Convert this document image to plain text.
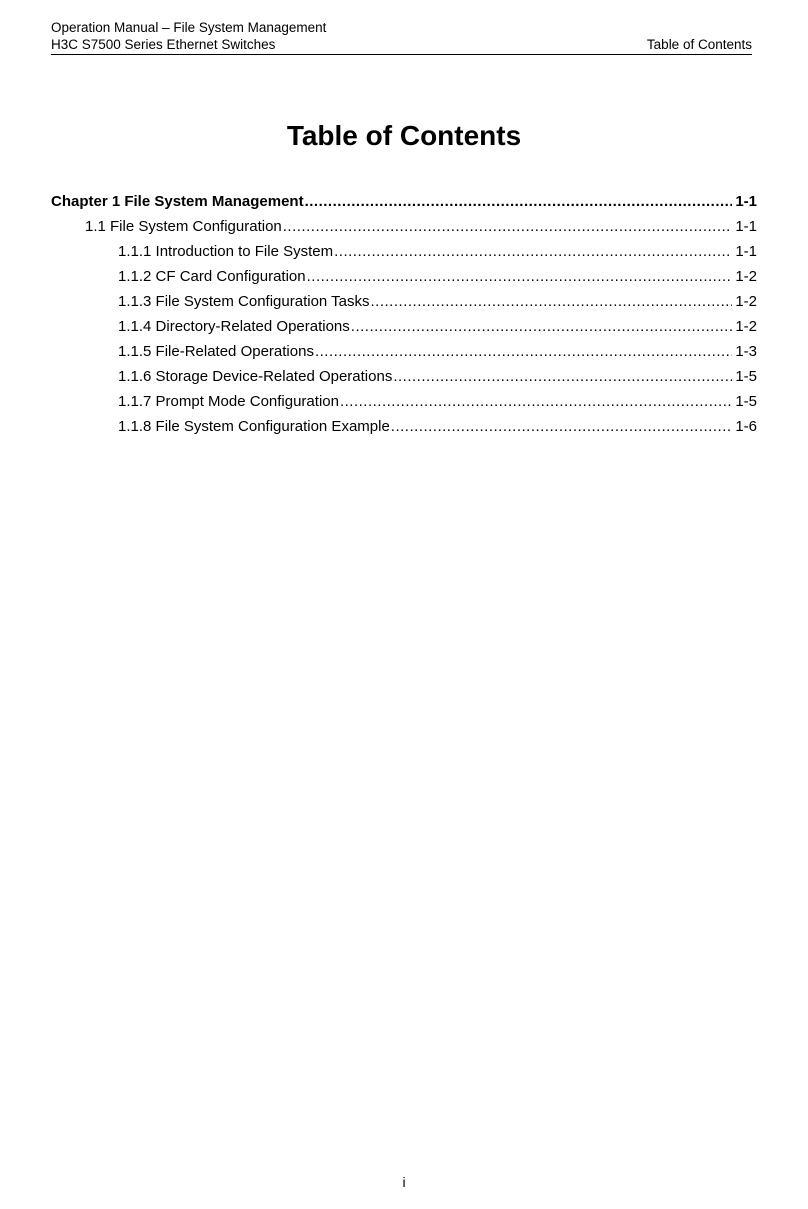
Operation Manual – File System Management
H3C S7500 Series Ethernet Switches	Table of Contents
Table of Contents
Chapter 1 File System Management .....	1-1
1.1 File System Configuration .....	1-1
1.1.1 Introduction to File System .....	1-1
1.1.2 CF Card Configuration .....	1-2
1.1.3 File System Configuration Tasks .....	1-2
1.1.4 Directory-Related Operations .....	1-2
1.1.5 File-Related Operations .....	1-3
1.1.6 Storage Device-Related Operations .....	1-5
1.1.7 Prompt Mode Configuration .....	1-5
1.1.8 File System Configuration Example .....	1-6
i
